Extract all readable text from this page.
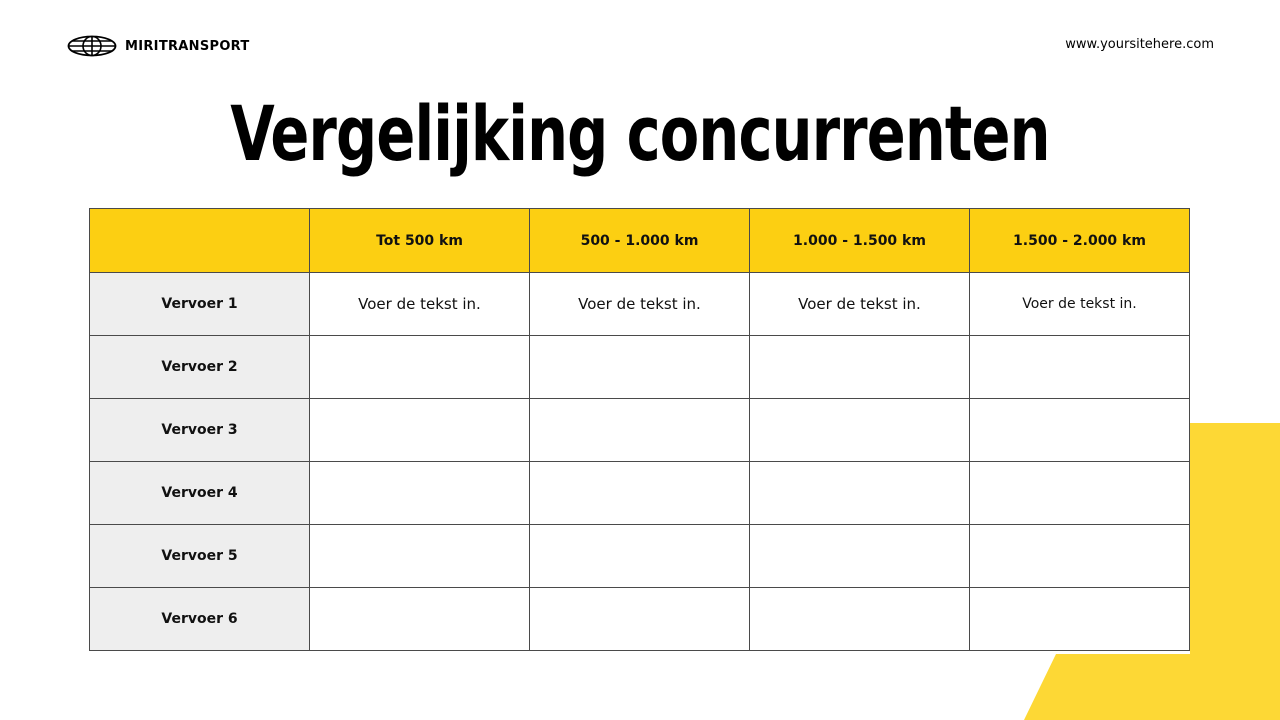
MIRITRANSPORT	www.yoursitehere.com
Vergelijking concurrenten
	Tot 500 km	500 - 1.000 km	1.000 - 1.500 km	1.500 - 2.000 km
Vervoer 1	Voer de tekst in.	Voer de tekst in.	Voer de tekst in.	Voer de tekst in.
Vervoer 2				
Vervoer 3				
Vervoer 4				
Vervoer 5				
Vervoer 6				
